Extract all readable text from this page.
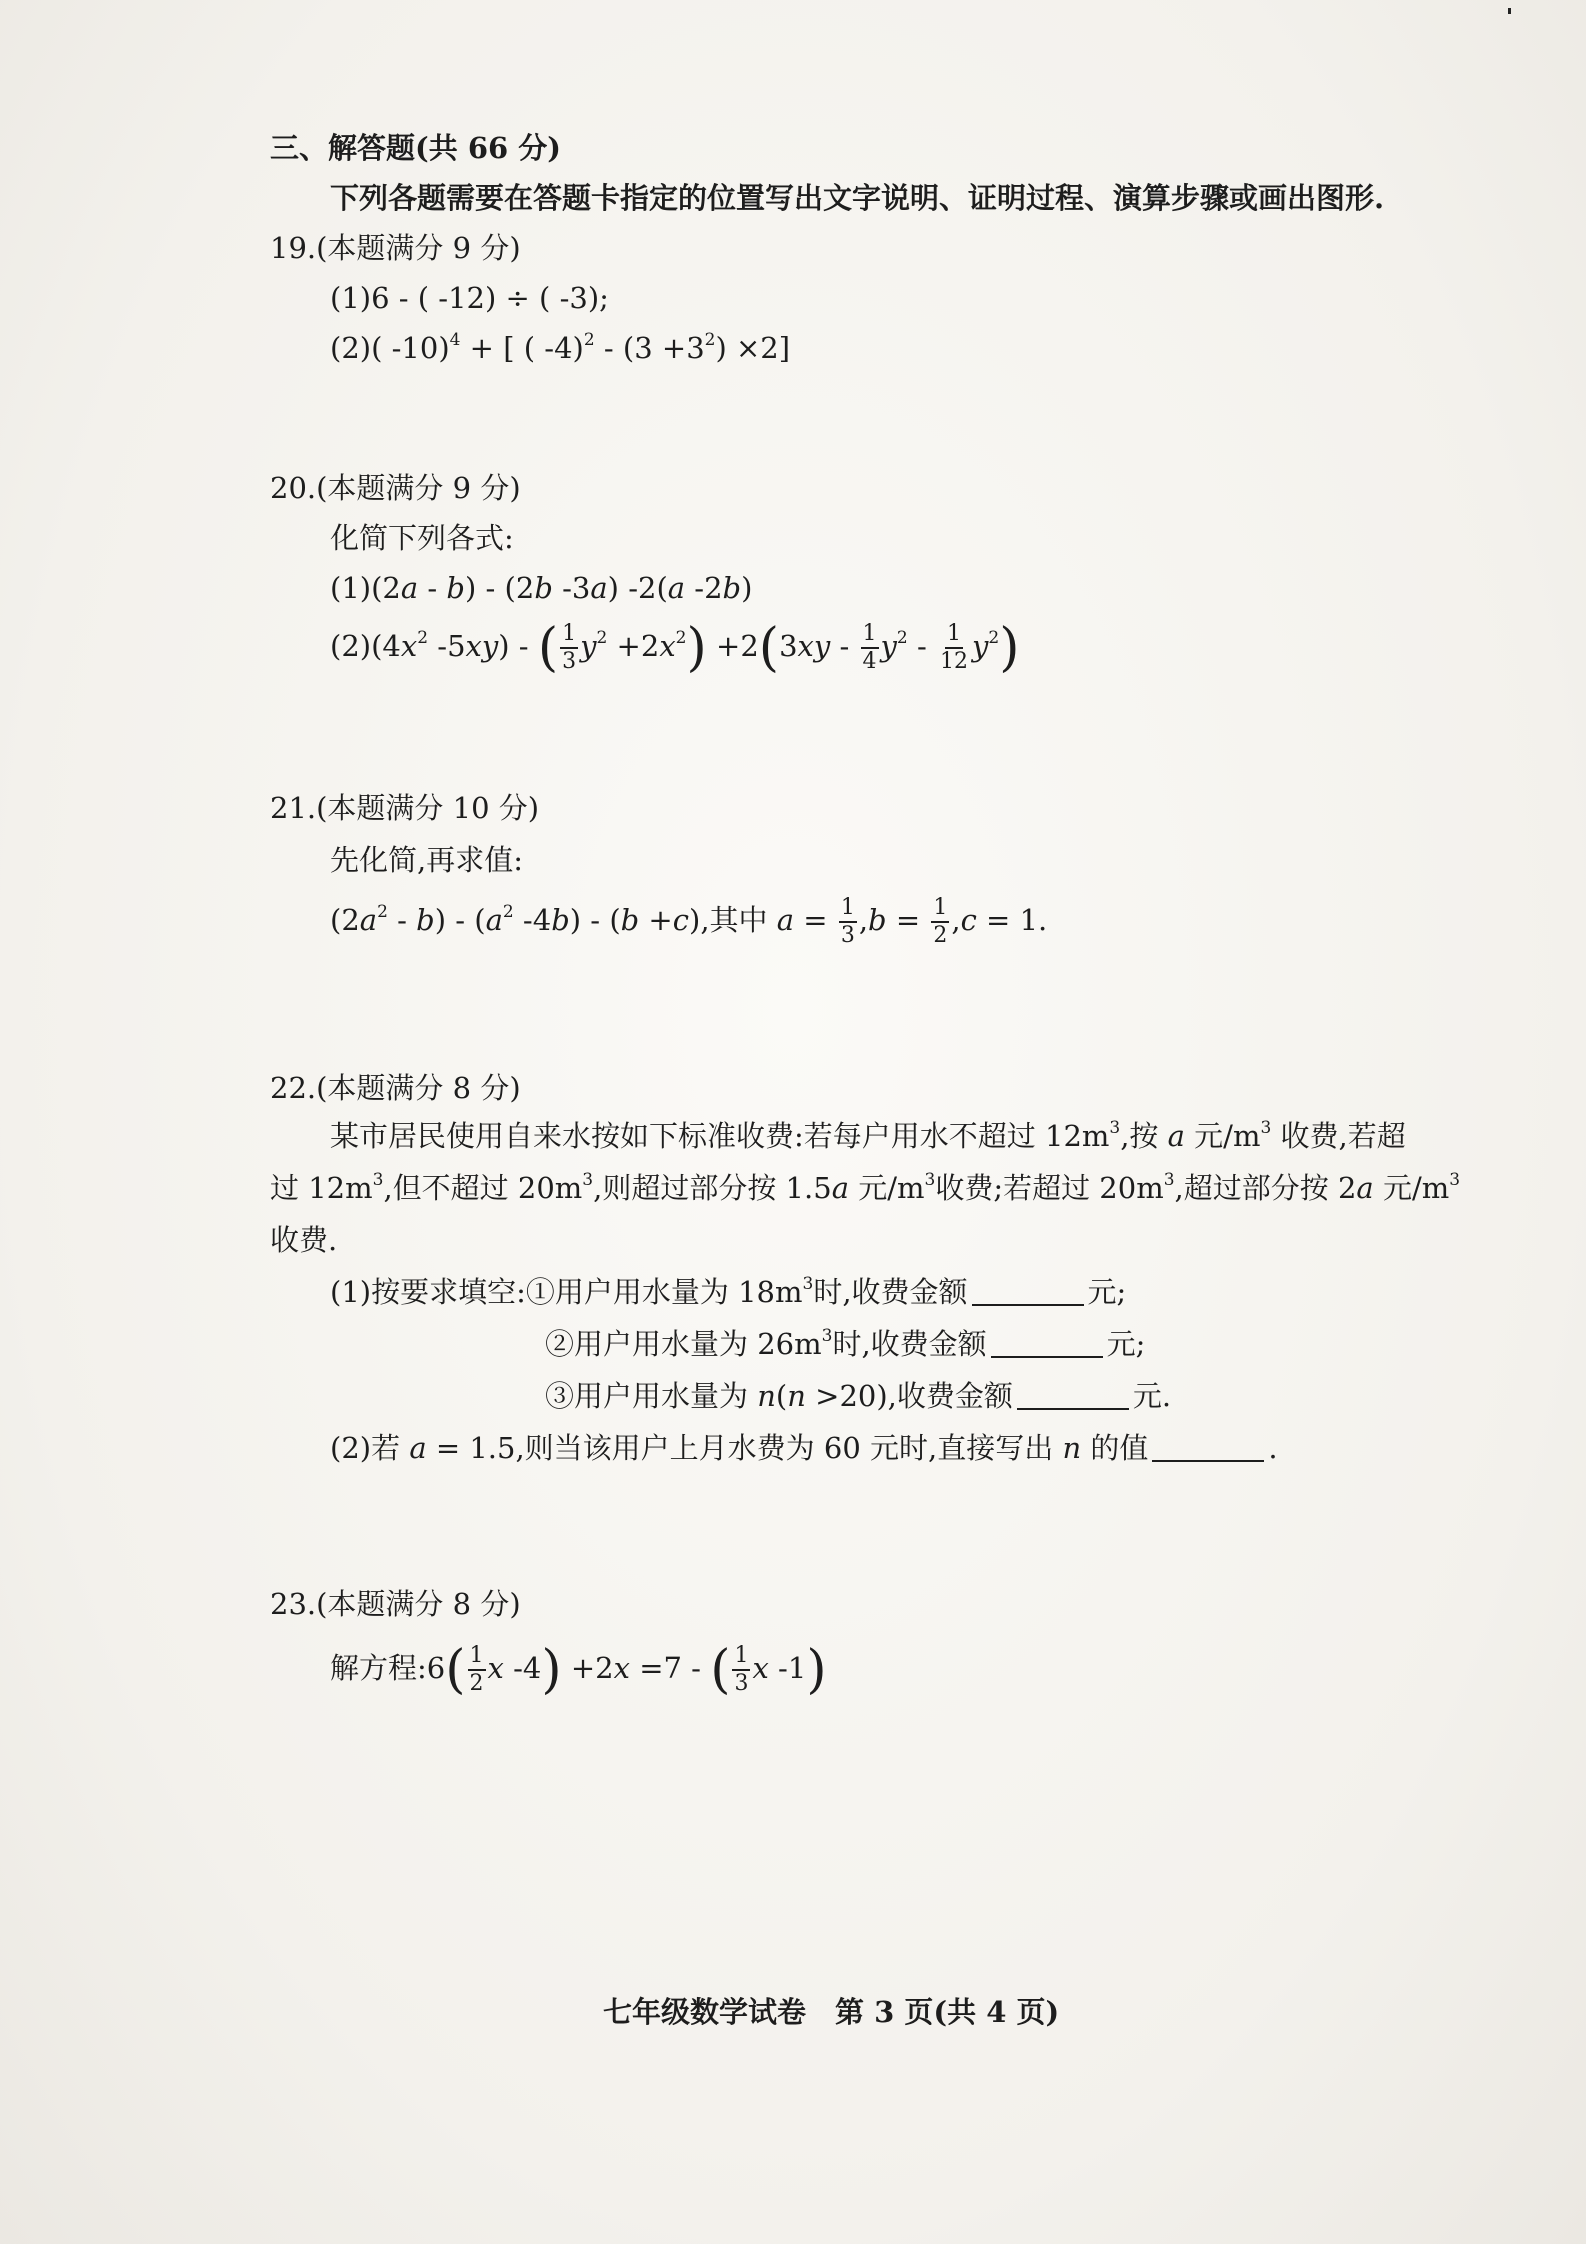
三、解答题(共 66 分)
下列各题需要在答题卡指定的位置写出文字说明、证明过程、演算步骤或画出图形.
19.(本题满分 9 分)
(1)6 - ( -12) ÷ ( -3);
(2)( -10)$^4$ + [ ( $-4)^2 - (3 +3^2) \times 2$]
20.(本题满分 9 分)
化简下列各式:
(1)(2a - b) - (2b -3a) -2(a -2b)
$(2)(4x^2$ -5xy) - ( $\frac{1}{3} y^2 +2x^2) +2(3xy - \frac{1}{4} y^2 - \frac{1}{12} y^2)$
21.(本题满分 10 分)
先化简,再求值:
$(2a^2 - b) - (a^2$ -4b) - (b +c),其中 $a = \frac{1}{3} ,b = \frac{1}{2} ,c = 1$.
22.(本题满分 8 分)
某市居民使用自来水按如下标准收费:若每户用水不超过 $12m^3$,按 a 元$/m^3$ 收费,若超
过 $12m^3$,但不超过 $20m^3$,则超过部分按 1.5a 元$/m^3$收费;若超过 $20m^3$,超过部分按 2a 元$/m^3$
收费.
(1)按要求填空:①用户用水量为 $18m^3$时,收费金额	元;
②用户用水量为 $26m^3$时,收费金额	元;
③用户用水量为 n(n >20),收费金额	元.
(2)若 a = 1.5,则当该用户上月水费为 60 元时,直接写出 n 的值	.
23.(本题满分 8 分)
解方程:6( $\frac{1}{2}$ x -4) +2x =7 - ( $\frac{1}{3}$ x -1)
七年级数学试卷　第 3 页(共 4 页)
